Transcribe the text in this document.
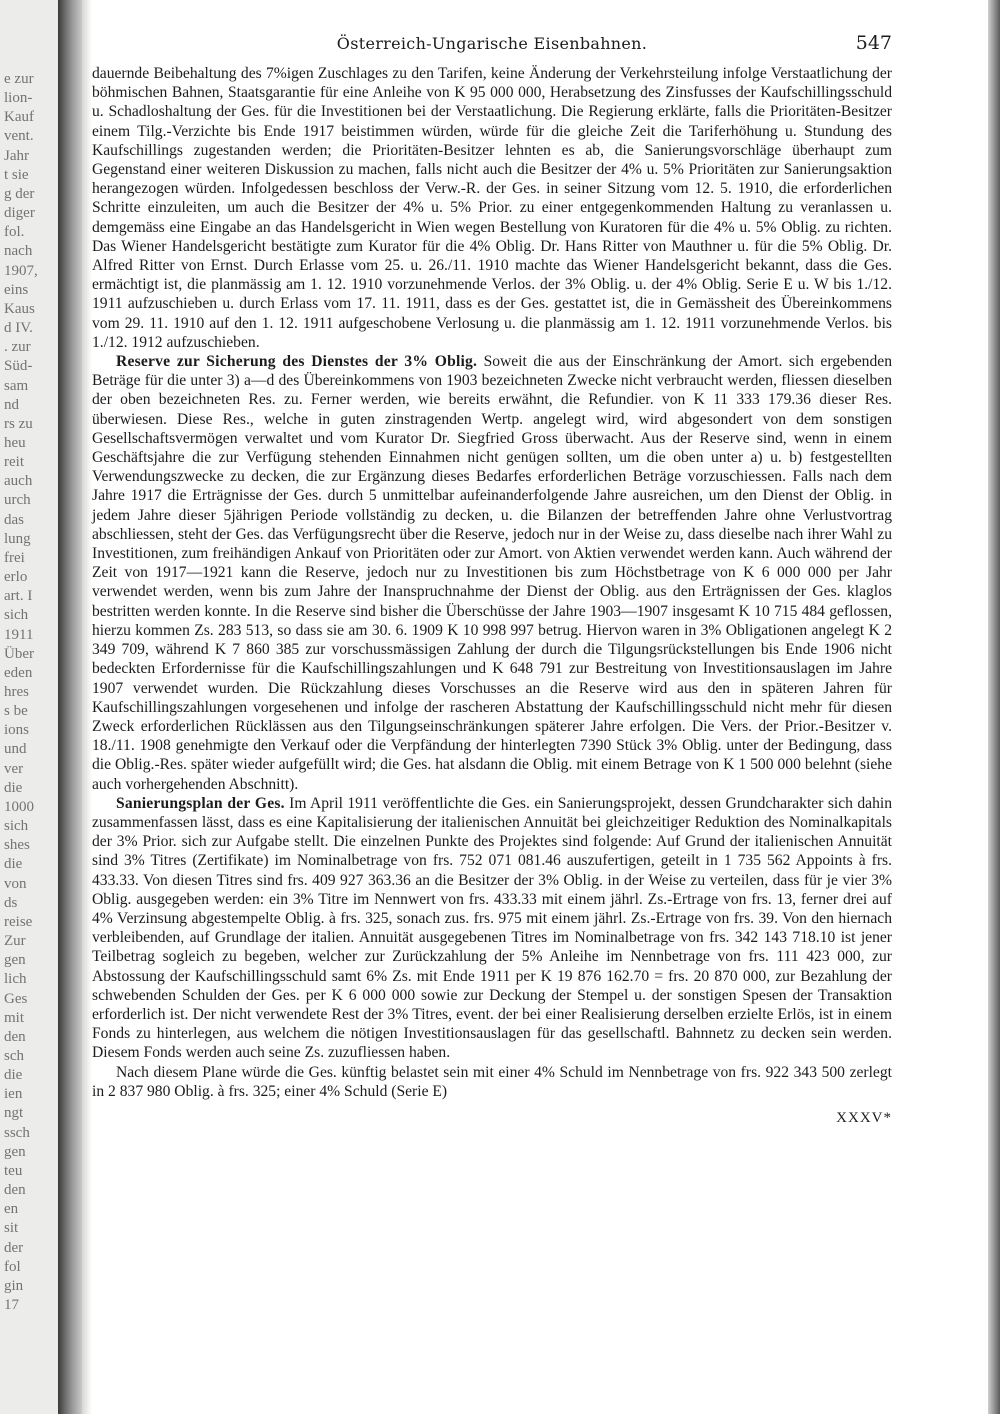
e zur
lion-
Kauf
vent.
Jahr
t sie
g der
diger
fol.
nach
1907,
eins
Kaus
d IV.
. zur
Süd-
sam
nd
rs zu
heu
reit
auch
urch
das
lung
frei
erlo
art. I
sich
1911
Über
eden
hres
s be
ions
und
ver
die
1000
sich
shes
die
von
ds
reise
Zur
gen
lich
Ges
mit
den
sch
die
ien
ngt
ssch
gen
teu
den
en
sit
der
fol
gin
17
Österreich-Ungarische Eisenbahnen.	547

dauernde Beibehaltung des 7%igen Zuschlages zu den Tarifen, keine Änderung der Verkehrsteilung infolge Verstaatlichung der böhmischen Bahnen, Staatsgarantie für eine Anleihe von K 95 000 000, Herabsetzung des Zinsfusses der Kaufschillingsschuld u. Schadloshaltung der Ges. für die Investitionen bei der Verstaatlichung. Die Regierung erklärte, falls die Prioritäten-Besitzer einem Tilg.-Verzichte bis Ende 1917 beistimmen würden, würde für die gleiche Zeit die Tariferhöhung u. Stundung des Kaufschillings zugestanden werden; die Prioritäten-Besitzer lehnten es ab, die Sanierungsvorschläge überhaupt zum Gegenstand einer weiteren Diskussion zu machen, falls nicht auch die Besitzer der 4% u. 5% Prioritäten zur Sanierungsaktion herangezogen würden. Infolgedessen beschloss der Verw.-R. der Ges. in seiner Sitzung vom 12. 5. 1910, die erforderlichen Schritte einzuleiten, um auch die Besitzer der 4% u. 5% Prior. zu einer entgegenkommenden Haltung zu veranlassen u. demgemäss eine Eingabe an das Handelsgericht in Wien wegen Bestellung von Kuratoren für die 4% u. 5% Oblig. zu richten. Das Wiener Handelsgericht bestätigte zum Kurator für die 4% Oblig. Dr. Hans Ritter von Mauthner u. für die 5% Oblig. Dr. Alfred Ritter von Ernst. Durch Erlasse vom 25. u. 26./11. 1910 machte das Wiener Handelsgericht bekannt, dass die Ges. ermächtigt ist, die planmässig am 1. 12. 1910 vorzunehmende Verlos. der 3% Oblig. u. der 4% Oblig. Serie E u. W bis 1./12. 1911 aufzuschieben u. durch Erlass vom 17. 11. 1911, dass es der Ges. gestattet ist, die in Gemässheit des Übereinkommens vom 29. 11. 1910 auf den 1. 12. 1911 aufgeschobene Verlosung u. die planmässig am 1. 12. 1911 vorzunehmende Verlos. bis 1./12. 1912 aufzuschieben.

Reserve zur Sicherung des Dienstes der 3% Oblig. Soweit die aus der Einschränkung der Amort. sich ergebenden Beträge für die unter 3) a—d des Übereinkommens von 1903 bezeichneten Zwecke nicht verbraucht werden, fliessen dieselben der oben bezeichneten Res. zu. Ferner werden, wie bereits erwähnt, die Refundier. von K 11 333 179.36 dieser Res. überwiesen. Diese Res., welche in guten zinstragenden Wertp. angelegt wird, wird abgesondert von dem sonstigen Gesellschaftsvermögen verwaltet und vom Kurator Dr. Siegfried Gross überwacht. Aus der Reserve sind, wenn in einem Geschäftsjahre die zur Verfügung stehenden Einnahmen nicht genügen sollten, um die oben unter a) u. b) festgestellten Verwendungszwecke zu decken, die zur Ergänzung dieses Bedarfes erforderlichen Beträge vorzuschiessen. Falls nach dem Jahre 1917 die Erträgnisse der Ges. durch 5 unmittelbar aufeinanderfolgende Jahre ausreichen, um den Dienst der Oblig. in jedem Jahre dieser 5jährigen Periode vollständig zu decken, u. die Bilanzen der betreffenden Jahre ohne Verlustvortrag abschliessen, steht der Ges. das Verfügungsrecht über die Reserve, jedoch nur in der Weise zu, dass dieselbe nach ihrer Wahl zu Investitionen, zum freihändigen Ankauf von Prioritäten oder zur Amort. von Aktien verwendet werden kann. Auch während der Zeit von 1917—1921 kann die Reserve, jedoch nur zu Investitionen bis zum Höchstbetrage von K 6 000 000 per Jahr verwendet werden, wenn bis zum Jahre der Inanspruchnahme der Dienst der Oblig. aus den Erträgnissen der Ges. klaglos bestritten werden konnte. In die Reserve sind bisher die Überschüsse der Jahre 1903—1907 insgesamt K 10 715 484 geflossen, hierzu kommen Zs. 283 513, so dass sie am 30. 6. 1909 K 10 998 997 betrug. Hiervon waren in 3% Obligationen angelegt K 2 349 709, während K 7 860 385 zur vorschussmässigen Zahlung der durch die Tilgungsrückstellungen bis Ende 1906 nicht bedeckten Erfordernisse für die Kaufschillingszahlungen und K 648 791 zur Bestreitung von Investitionsauslagen im Jahre 1907 verwendet wurden. Die Rückzahlung dieses Vorschusses an die Reserve wird aus den in späteren Jahren für Kaufschillingszahlungen vorgesehenen und infolge der rascheren Abstattung der Kaufschillingsschuld nicht mehr für diesen Zweck erforderlichen Rücklässen aus den Tilgungseinschränkungen späterer Jahre erfolgen. Die Vers. der Prior.-Besitzer v. 18./11. 1908 genehmigte den Verkauf oder die Verpfändung der hinterlegten 7390 Stück 3% Oblig. unter der Bedingung, dass die Oblig.-Res. später wieder aufgefüllt wird; die Ges. hat alsdann die Oblig. mit einem Betrage von K 1 500 000 belehnt (siehe auch vorhergehenden Abschnitt).

Sanierungsplan der Ges. Im April 1911 veröffentlichte die Ges. ein Sanierungsprojekt, dessen Grundcharakter sich dahin zusammenfassen lässt, dass es eine Kapitalisierung der italienischen Annuität bei gleichzeitiger Reduktion des Nominalkapitals der 3% Prior. sich zur Aufgabe stellt. Die einzelnen Punkte des Projektes sind folgende: Auf Grund der italienischen Annuität sind 3% Titres (Zertifikate) im Nominalbetrage von frs. 752 071 081.46 auszufertigen, geteilt in 1 735 562 Appoints à frs. 433.33. Von diesen Titres sind frs. 409 927 363.36 an die Besitzer der 3% Oblig. in der Weise zu verteilen, dass für je vier 3% Oblig. ausgegeben werden: ein 3% Titre im Nennwert von frs. 433.33 mit einem jährl. Zs.-Ertrage von frs. 13, ferner drei auf 4% Verzinsung abgestempelte Oblig. à frs. 325, sonach zus. frs. 975 mit einem jährl. Zs.-Ertrage von frs. 39. Von den hiernach verbleibenden, auf Grundlage der italien. Annuität ausgegebenen Titres im Nominalbetrage von frs. 342 143 718.10 ist jener Teilbetrag sogleich zu begeben, welcher zur Zurückzahlung der 5% Anleihe im Nennbetrage von frs. 111 423 000, zur Abstossung der Kaufschillingsschuld samt 6% Zs. mit Ende 1911 per K 19 876 162.70 = frs. 20 870 000, zur Bezahlung der schwebenden Schulden der Ges. per K 6 000 000 sowie zur Deckung der Stempel u. der sonstigen Spesen der Transaktion erforderlich ist. Der nicht verwendete Rest der 3% Titres, event. der bei einer Realisierung derselben erzielte Erlös, ist in einem Fonds zu hinterlegen, aus welchem die nötigen Investitionsauslagen für das gesellschaftl. Bahnnetz zu decken sein werden. Diesem Fonds werden auch seine Zs. zuzufliessen haben.

Nach diesem Plane würde die Ges. künftig belastet sein mit einer 4% Schuld im Nennbetrage von frs. 922 343 500 zerlegt in 2 837 980 Oblig. à frs. 325; einer 4% Schuld (Serie E)

XXXV*
